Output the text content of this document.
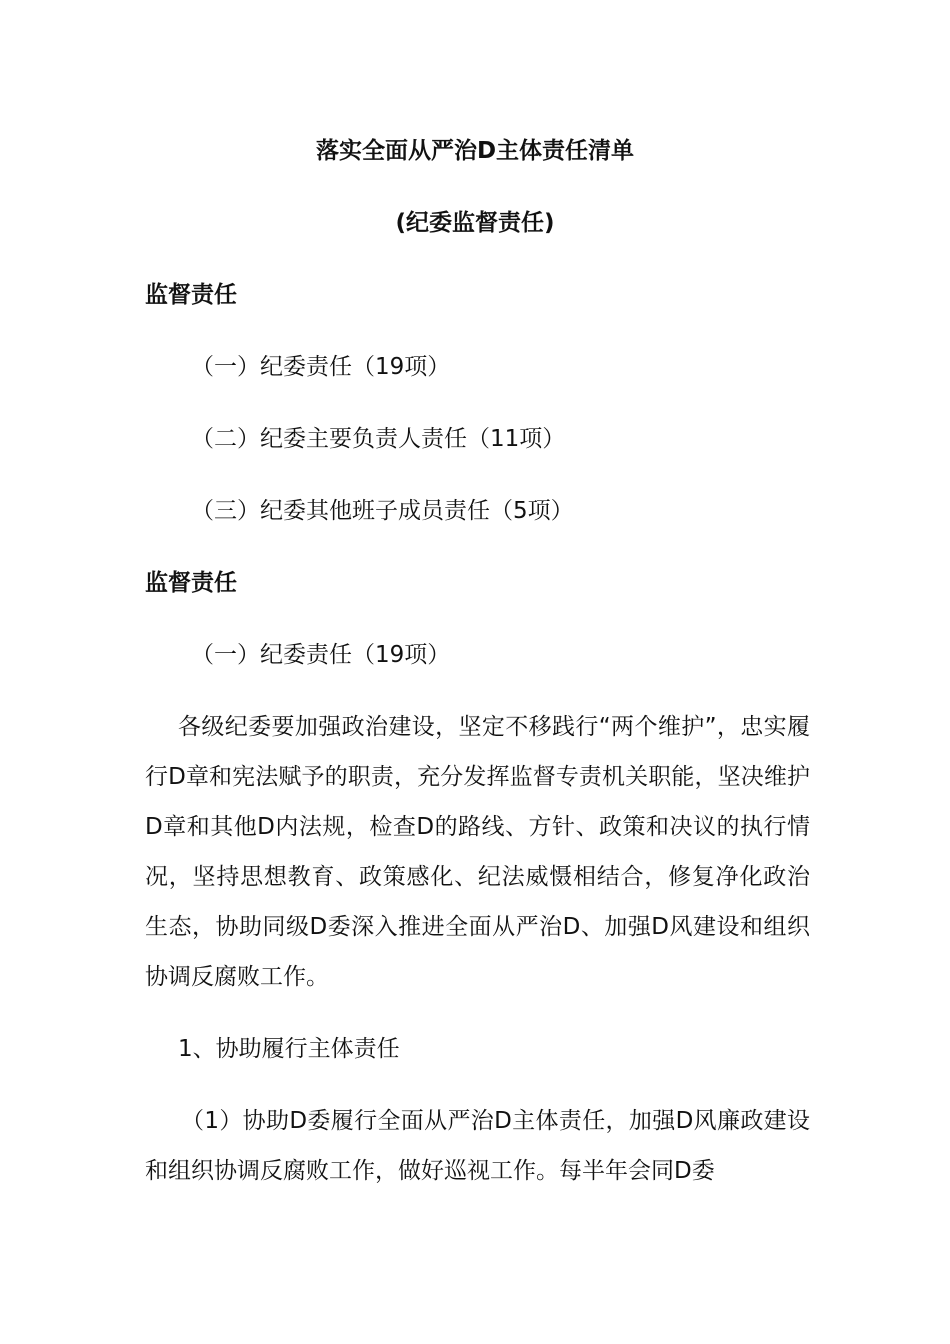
落实全面从严治D主体责任清单
(纪委监督责任)
监督责任
（一）纪委责任（19项）
（二）纪委主要负责人责任（11项）
（三）纪委其他班子成员责任（5项）
监督责任
（一）纪委责任（19项）

各级纪委要加强政治建设，坚定不移践行“两个维护”，忠实履行D章和宪法赋予的职责，充分发挥监督专责机关职能，坚决维护D章和其他D内法规，检查D的路线、方针、政策和决议的执行情况，坚持思想教育、政策感化、纪法威慑相结合，修复净化政治生态，协助同级D委深入推进全面从严治D、加强D风建设和组织协调反腐败工作。

1、协助履行主体责任

（1）协助D委履行全面从严治D主体责任，加强D风廉政建设和组织协调反腐败工作，做好巡视工作。每半年会同D委
